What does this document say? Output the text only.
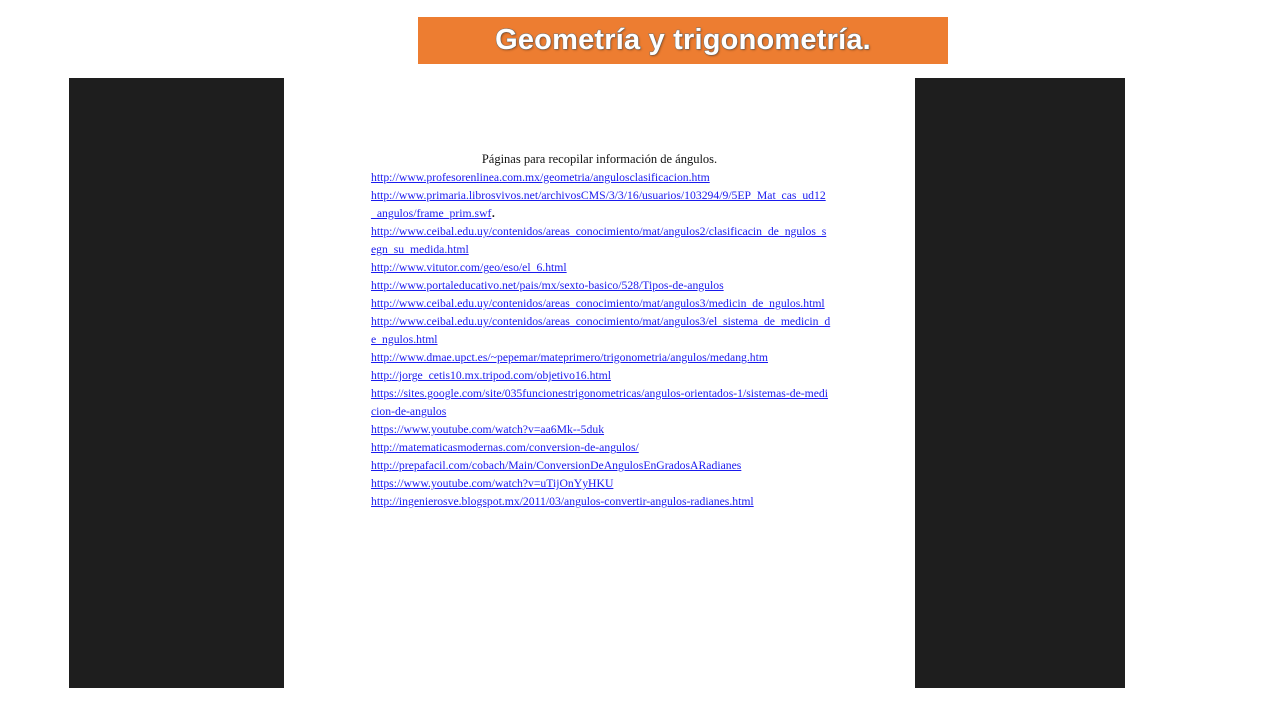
Geometría y trigonometría.
Páginas para recopilar información de ángulos.
http://www.profesorenlinea.com.mx/geometria/angulosclasificacion.htm
http://www.primaria.librosvivos.net/archivosCMS/3/3/16/usuarios/103294/9/5EP_Mat_cas_ud12_angulos/frame_prim.swf.
http://www.ceibal.edu.uy/contenidos/areas_conocimiento/mat/angulos2/clasificacin_de_ngulos_segn_su_medida.html
http://www.vitutor.com/geo/eso/el_6.html
http://www.portaleducativo.net/pais/mx/sexto-basico/528/Tipos-de-angulos
http://www.ceibal.edu.uy/contenidos/areas_conocimiento/mat/angulos3/medicin_de_ngulos.html
http://www.ceibal.edu.uy/contenidos/areas_conocimiento/mat/angulos3/el_sistema_de_medicin_de_ngulos.html
http://www.dmae.upct.es/~pepemar/mateprimero/trigonometria/angulos/medang.htm
http://jorge_cetis10.mx.tripod.com/objetivo16.html
https://sites.google.com/site/035funcionestrigonometricas/angulos-orientados-1/sistemas-de-medicion-de-angulos
https://www.youtube.com/watch?v=aa6Mk--5duk
http://matematicasmodernas.com/conversion-de-angulos/
http://prepafacil.com/cobach/Main/ConversionDeAngulosEnGradosARadianes
https://www.youtube.com/watch?v=uTijOnYyHKU
http://ingenierosve.blogspot.mx/2011/03/angulos-convertir-angulos-radianes.html
